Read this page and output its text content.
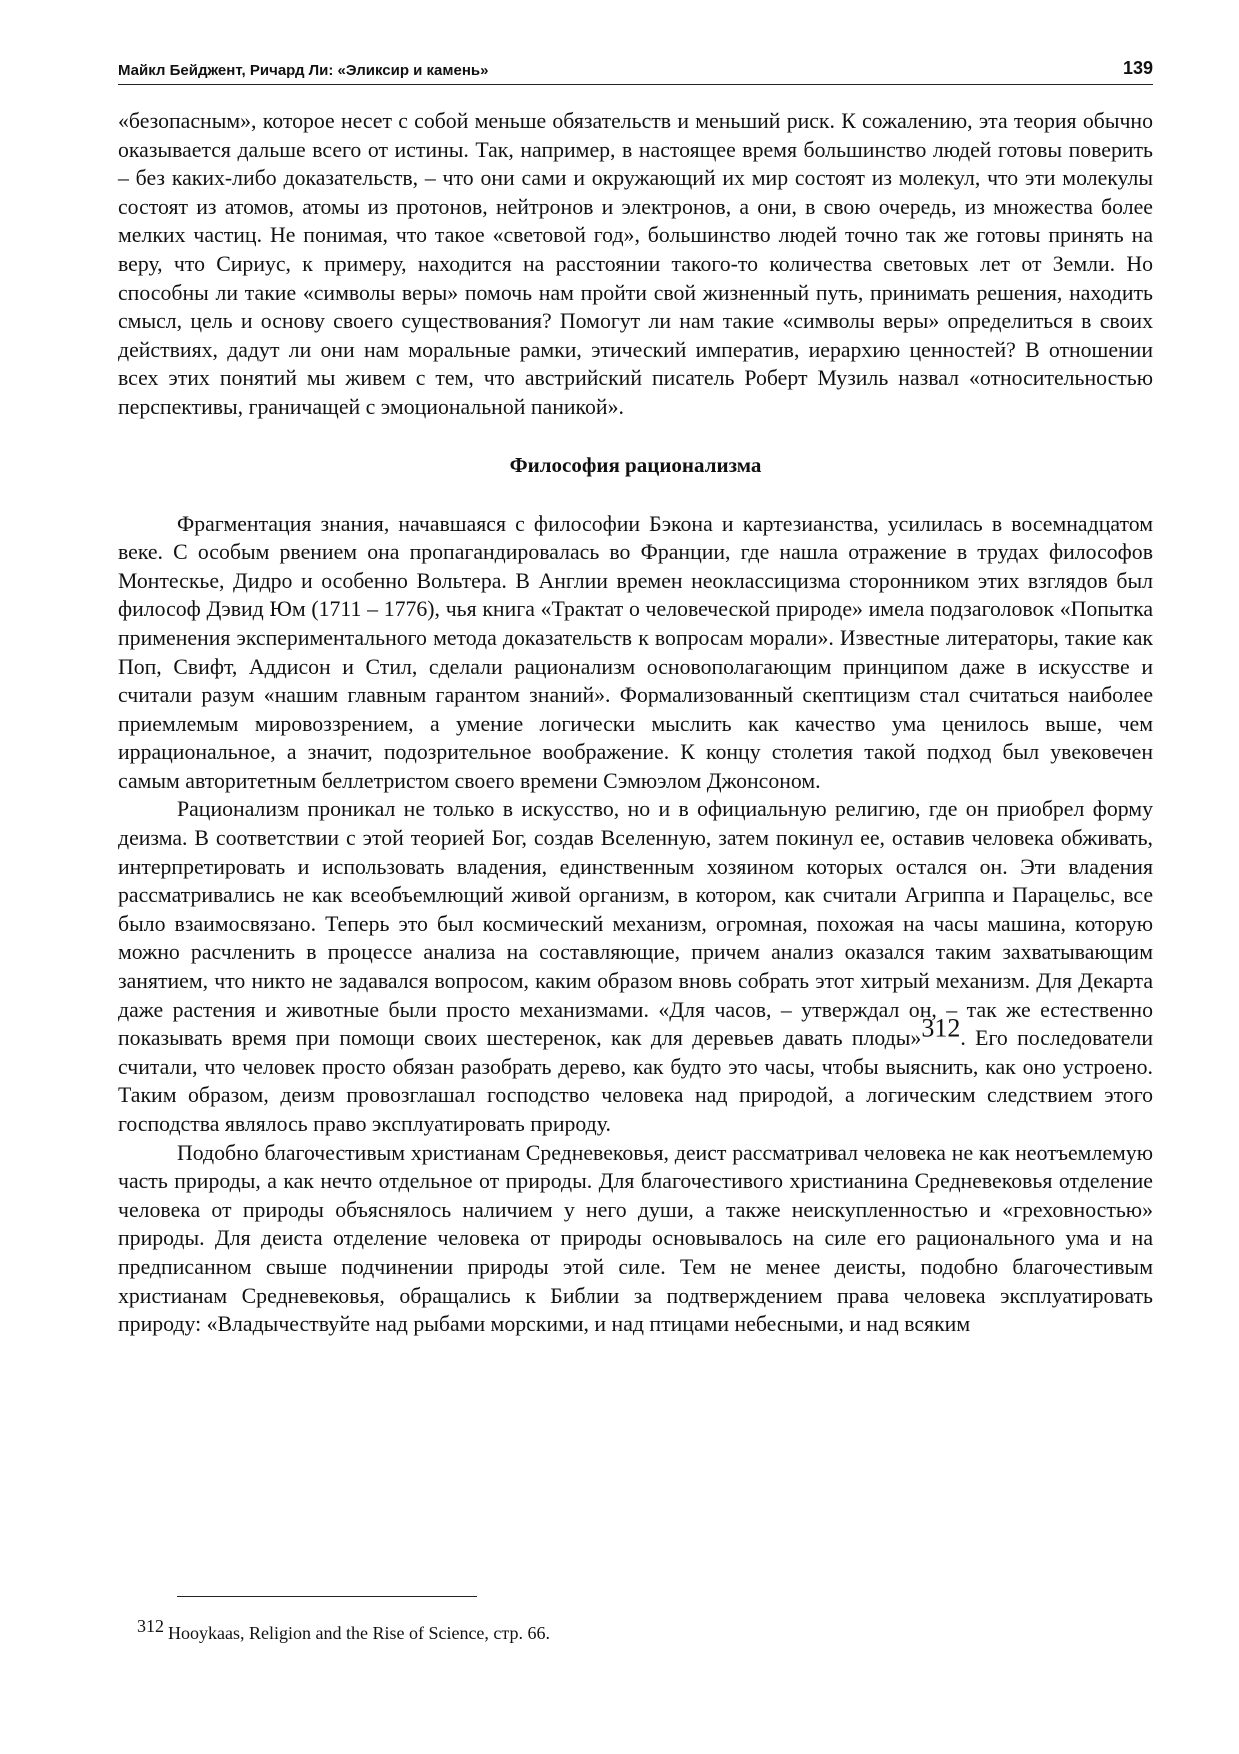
Майкл Бейджент, Ричард Ли: «Эликсир и камень»	139

«безопасным», которое несет с собой меньше обязательств и меньший риск. К сожалению, эта теория обычно оказывается дальше всего от истины. Так, например, в настоящее время большинство людей готовы поверить – без каких-либо доказательств, – что они сами и окружающий их мир состоят из молекул, что эти молекулы состоят из атомов, атомы из протонов, нейтронов и электронов, а они, в свою очередь, из множества более мелких частиц. Не понимая, что такое «световой год», большинство людей точно так же готовы принять на веру, что Сириус, к примеру, находится на расстоянии такого-то количества световых лет от Земли. Но способны ли такие «символы веры» помочь нам пройти свой жизненный путь, принимать решения, находить смысл, цель и основу своего существования? Помогут ли нам такие «символы веры» определиться в своих действиях, дадут ли они нам моральные рамки, этический императив, иерархию ценностей? В отношении всех этих понятий мы живем с тем, что австрийский писатель Роберт Музиль назвал «относительностью перспективы, граничащей с эмоциональной паникой».

Философия рационализма

Фрагментация знания, начавшаяся с философии Бэкона и картезианства, усилилась в восемнадцатом веке. С особым рвением она пропагандировалась во Франции, где нашла отражение в трудах философов Монтескье, Дидро и особенно Вольтера. В Англии времен неоклассицизма сторонником этих взглядов был философ Дэвид Юм (1711 – 1776), чья книга «Трактат о человеческой природе» имела подзаголовок «Попытка применения экспериментального метода доказательств к вопросам морали». Известные литераторы, такие как Поп, Свифт, Аддисон и Стил, сделали рационализм основополагающим принципом даже в искусстве и считали разум «нашим главным гарантом знаний». Формализованный скептицизм стал считаться наиболее приемлемым мировоззрением, а умение логически мыслить как качество ума ценилось выше, чем иррациональное, а значит, подозрительное воображение. К концу столетия такой подход был увековечен самым авторитетным беллетристом своего времени Сэмюэлом Джонсоном.

Рационализм проникал не только в искусство, но и в официальную религию, где он приобрел форму деизма. В соответствии с этой теорией Бог, создав Вселенную, затем покинул ее, оставив человека обживать, интерпретировать и использовать владения, единственным хозяином которых остался он. Эти владения рассматривались не как всеобъемлющий живой организм, в котором, как считали Агриппа и Парацельс, все было взаимосвязано. Теперь это был космический механизм, огромная, похожая на часы машина, которую можно расчленить в процессе анализа на составляющие, причем анализ оказался таким захватывающим занятием, что никто не задавался вопросом, каким образом вновь собрать этот хитрый механизм. Для Декарта даже растения и животные были просто механизмами. «Для часов, – утверждал он, – так же естественно показывать время при помощи своих шестеренок, как для деревьев давать плоды»$^{312}$. Его последователи считали, что человек просто обязан разобрать дерево, как будто это часы, чтобы выяснить, как оно устроено. Таким образом, деизм провозглашал господство человека над природой, а логическим следствием этого господства являлось право эксплуатировать природу.

Подобно благочестивым христианам Средневековья, деист рассматривал человека не как неотъемлемую часть природы, а как нечто отдельное от природы. Для благочестивого христианина Средневековья отделение человека от природы объяснялось наличием у него души, а также неискупленностью и «греховностью» природы. Для деиста отделение человека от природы основывалось на силе его рационального ума и на предписанном свыше подчинении природы этой силе. Тем не менее деисты, подобно благочестивым христианам Средневековья, обращались к Библии за подтверждением права человека эксплуатировать природу: «Владычествуйте над рыбами морскими, и над птицами небесными, и над всяким

$^{312}$ Hooykaas, Religion and the Rise of Science, стр. 66.
